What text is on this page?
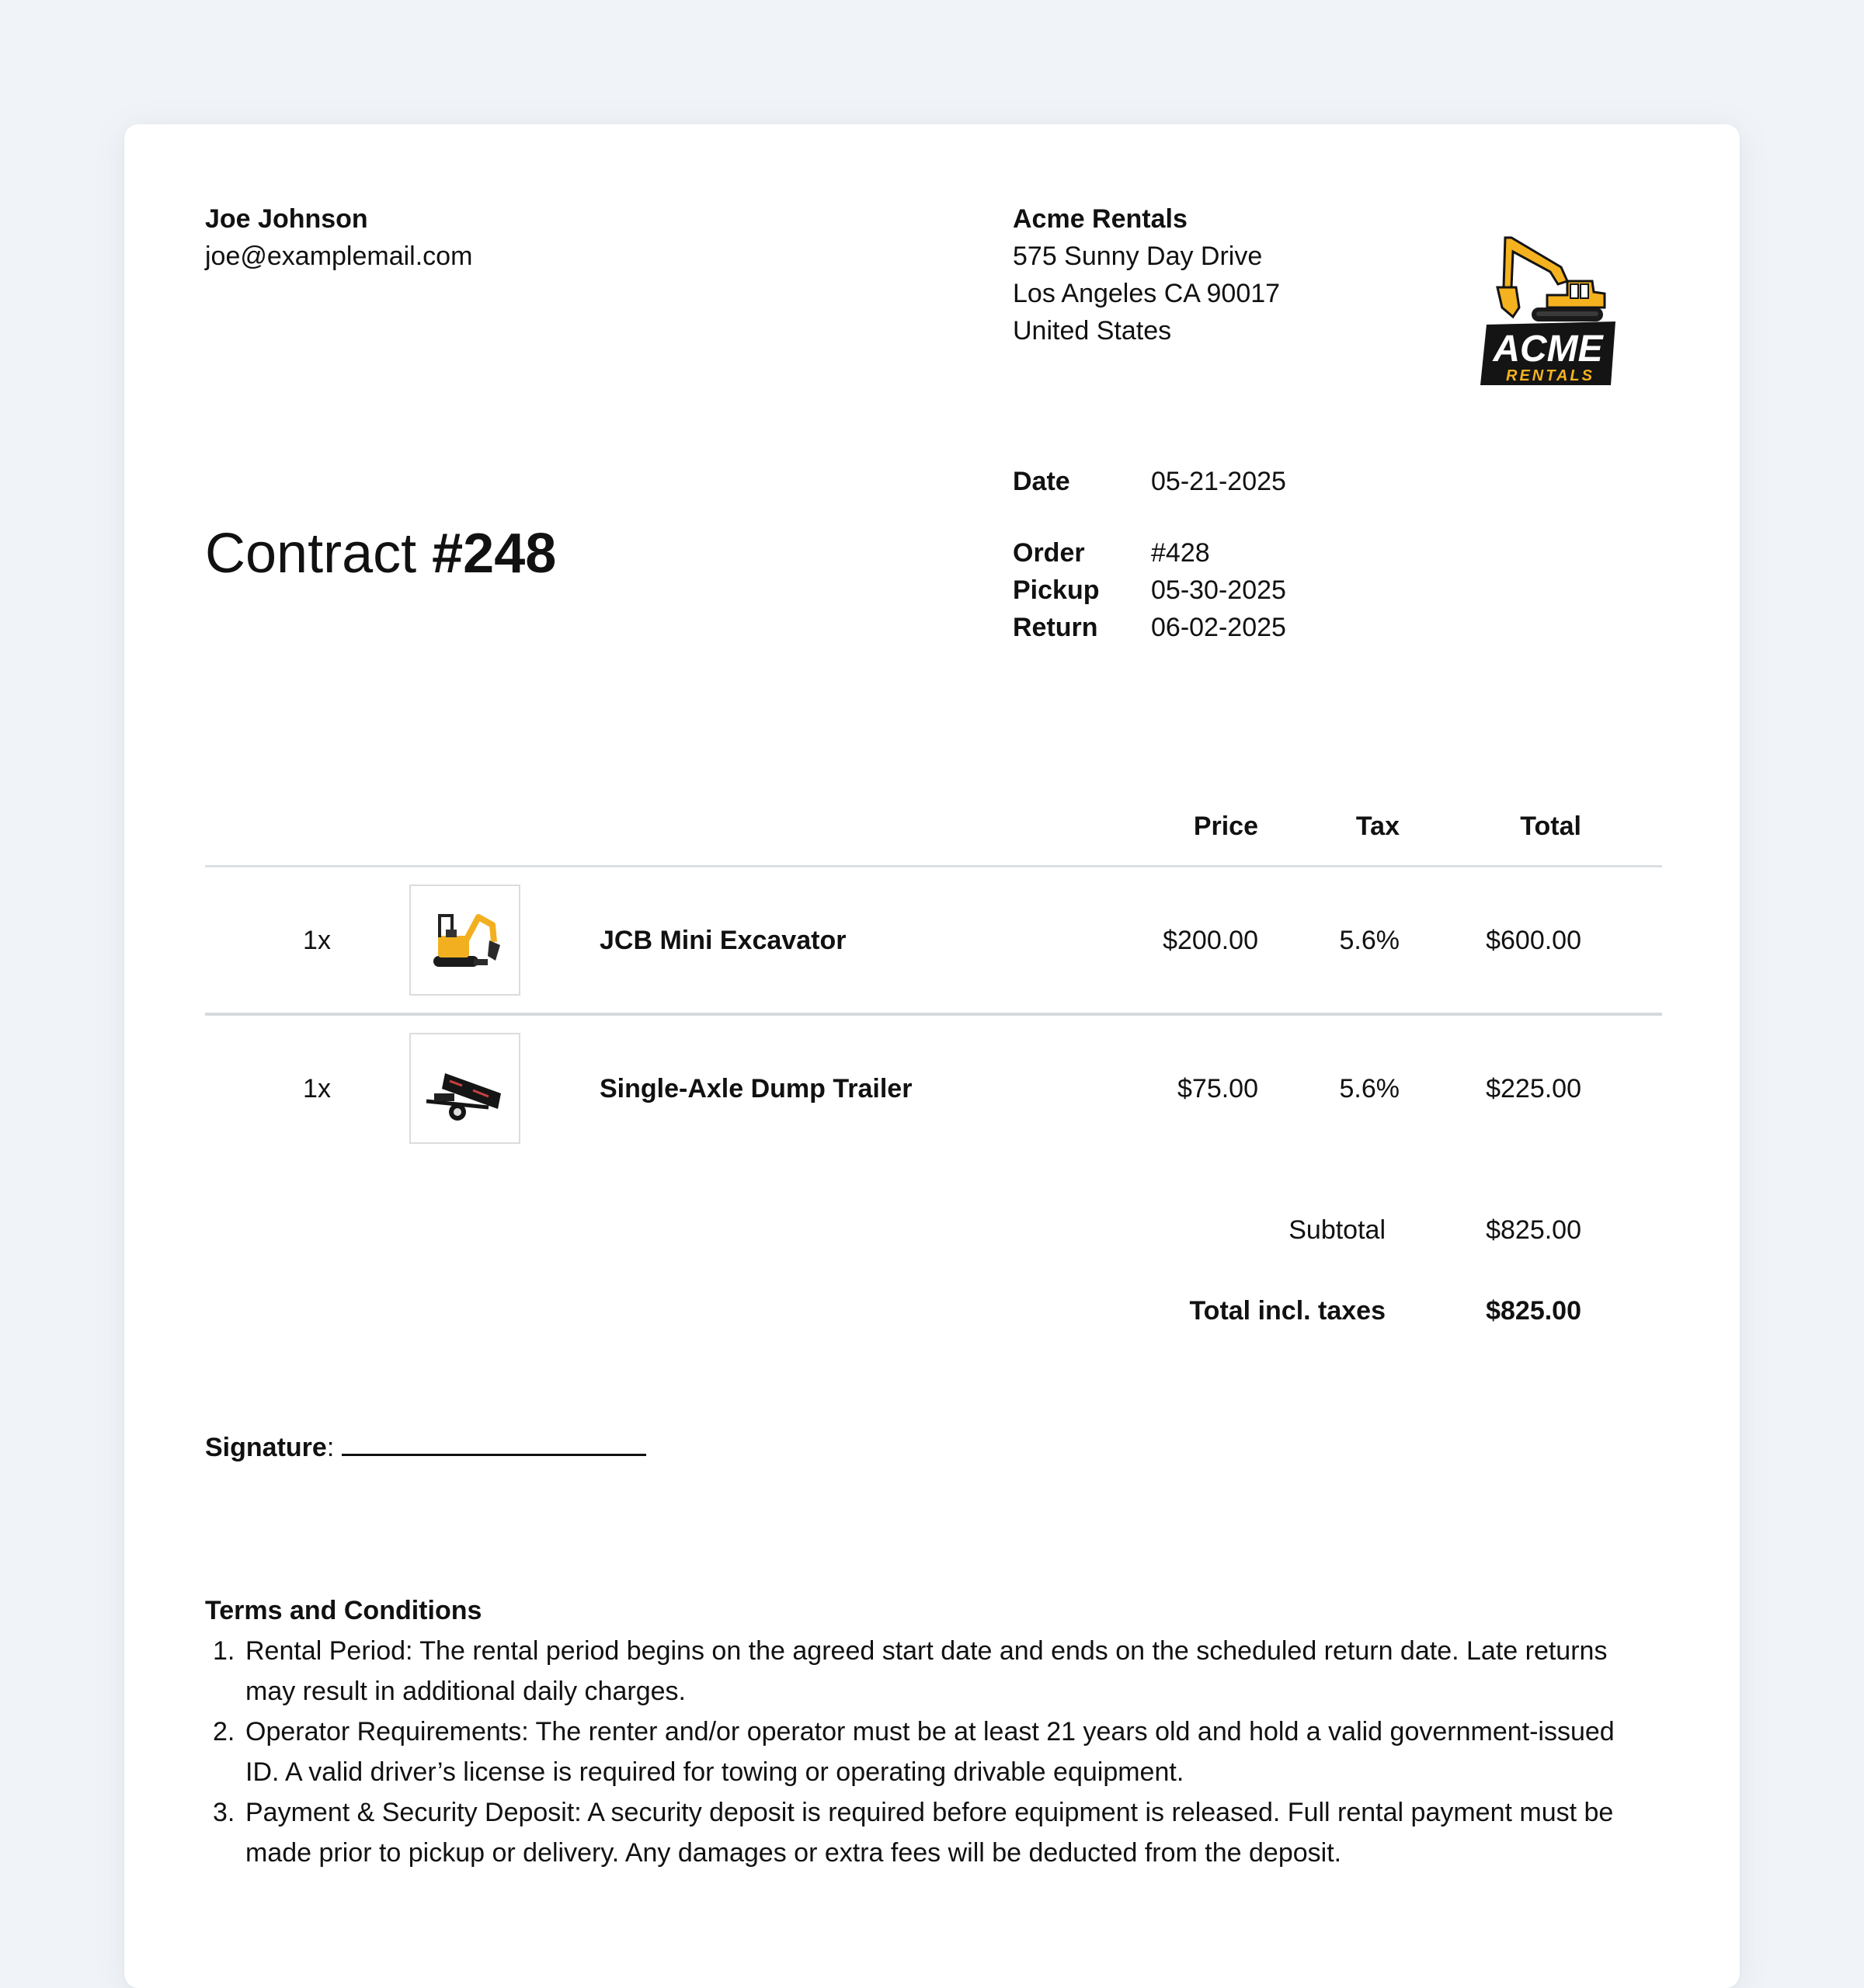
Joe Johnson
joe@examplemail.com
Acme Rentals
575 Sunny Day Drive
Los Angeles CA 90017
United States	ACME
RENTALS
Date	05-21-2025
Order	#428
Pickup	05-30-2025
Return	06-02-2025
Contract #248
Price	Tax	Total
1x	JCB Mini Excavator	$200.00	5.6%	$600.00
1x	Single-Axle Dump Trailer	$75.00	5.6%	$225.00
Subtotal	$825.00
Total incl. taxes	$825.00
Signature :
Terms and Conditions
1. Rental Period: The rental period begins on the agreed start date and ends on the scheduled return date. Late returns may result in additional daily charges.
2. Operator Requirements: The renter and/or operator must be at least 21 years old and hold a valid government-issued ID. A valid driver’s license is required for towing or operating drivable equipment.
3. Payment & Security Deposit: A security deposit is required before equipment is released. Full rental payment must be made prior to pickup or delivery. Any damages or extra fees will be deducted from the deposit.
